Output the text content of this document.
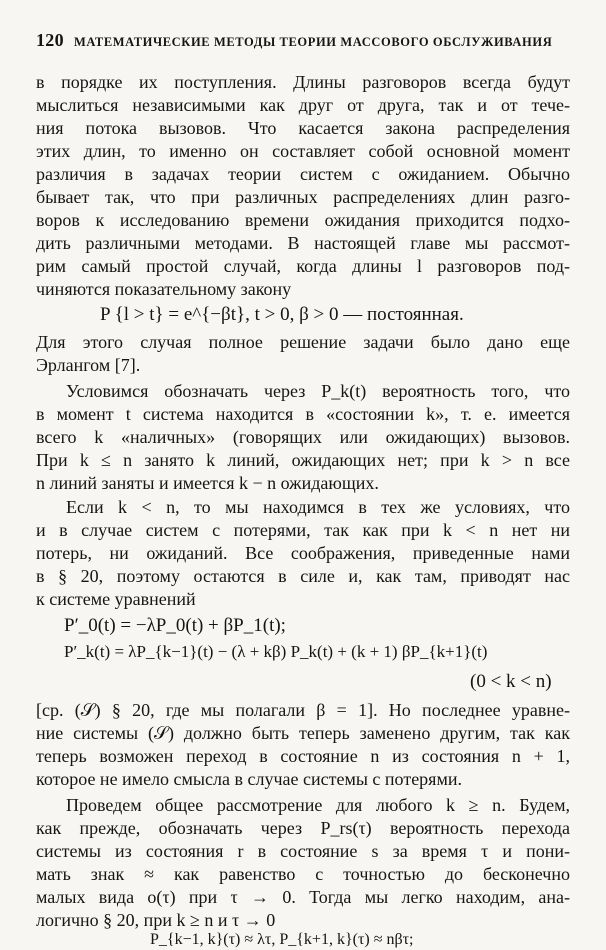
120 МАТЕМАТИЧЕСКИЕ МЕТОДЫ ТЕОРИИ МАССОВОГО ОБСЛУЖИВАНИЯ
в порядке их поступления. Длины разговоров всегда будут
мыслиться независимыми как друг от друга, так и от тече-
ния потока вызовов. Что касается закона распределения
этих длин, то именно он составляет собой основной момент
различия в задачах теории систем с ожиданием. Обычно
бывает так, что при различных распределениях длин разго-
воров к исследованию времени ожидания приходится подхо-
дить различными методами. В настоящей главе мы рассмот-
рим самый простой случай, когда длины l разговоров под-
чиняются показательному закону
P {l > t} = e^{−βt}, t > 0, β > 0 — постоянная.
Для этого случая полное решение задачи было дано еще
Эрлангом [7].
Условимся обозначать через P_k(t) вероятность того, что
в момент t система находится в «состоянии k», т. е. имеется
всего k «наличных» (говорящих или ожидающих) вызовов.
При k ≤ n занято k линий, ожидающих нет; при k > n все
n линий заняты и имеется k − n ожидающих.
Если k < n, то мы находимся в тех же условиях, что
и в случае систем с потерями, так как при k < n нет ни
потерь, ни ожиданий. Все соображения, приведенные нами
в § 20, поэтому остаются в силе и, как там, приводят нас
к системе уравнений
P′_0(t) = −λP_0(t) + βP_1(t);
P′_k(t) = λP_{k−1}(t) − (λ + kβ) P_k(t) + (k + 1) βP_{k+1}(t)
(0 < k < n)
[ср. (𝒮) § 20, где мы полагали β = 1]. Но последнее уравне-
ние системы (𝒮) должно быть теперь заменено другим, так как
теперь возможен переход в состояние n из состояния n + 1,
которое не имело смысла в случае системы с потерями.
Проведем общее рассмотрение для любого k ≥ n. Будем,
как прежде, обозначать через P_rs(τ) вероятность перехода
системы из состояния r в состояние s за время τ и пони-
мать знак ≈ как равенство с точностью до бесконечно
малых вида o(τ) при τ → 0. Тогда мы легко находим, ана-
логично § 20, при k ≥ n и τ → 0
P_{k−1, k}(τ) ≈ λτ, P_{k+1, k}(τ) ≈ nβτ;
